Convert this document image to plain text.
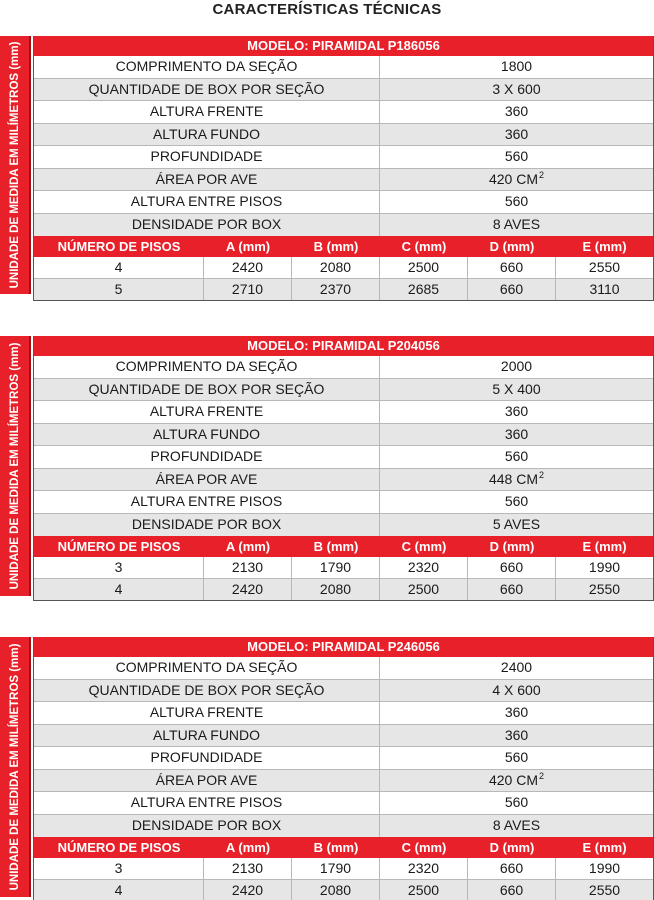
CARACTERÍSTICAS TÉCNICAS
UNIDADE DE MEDIDA EM MILÍMETROS (mm)	MODELO: PIRAMIDAL P186056
COMPRIMENTO DA SEÇÃO	1800
QUANTIDADE DE BOX POR SEÇÃO	3 X 600
ALTURA FRENTE	360
ALTURA FUNDO	360
PROFUNDIDADE	560
ÁREA POR AVE	420 $CM^2$
ALTURA ENTRE PISOS	560
DENSIDADE POR BOX	8 AVES
NÚMERO DE PISOS	A (mm)	B (mm)	C (mm)	D (mm)	E (mm)
4	2420	2080	2500	660	2550
5	2710	2370	2685	660	3110
UNIDADE DE MEDIDA EM MILÍMETROS (mm)	MODELO: PIRAMIDAL P204056
COMPRIMENTO DA SEÇÃO	2000
QUANTIDADE DE BOX POR SEÇÃO	5 X 400
ALTURA FRENTE	360
ALTURA FUNDO	360
PROFUNDIDADE	560
ÁREA POR AVE	448 $CM^2$
ALTURA ENTRE PISOS	560
DENSIDADE POR BOX	5 AVES
NÚMERO DE PISOS	A (mm)	B (mm)	C (mm)	D (mm)	E (mm)
3	2130	1790	2320	660	1990
4	2420	2080	2500	660	2550
UNIDADE DE MEDIDA EM MILÍMETROS (mm)	MODELO: PIRAMIDAL P246056
COMPRIMENTO DA SEÇÃO	2400
QUANTIDADE DE BOX POR SEÇÃO	4 X 600
ALTURA FRENTE	360
ALTURA FUNDO	360
PROFUNDIDADE	560
ÁREA POR AVE	420 $CM^2$
ALTURA ENTRE PISOS	560
DENSIDADE POR BOX	8 AVES
NÚMERO DE PISOS	A (mm)	B (mm)	C (mm)	D (mm)	E (mm)
3	2130	1790	2320	660	1990
4	2420	2080	2500	660	2550
